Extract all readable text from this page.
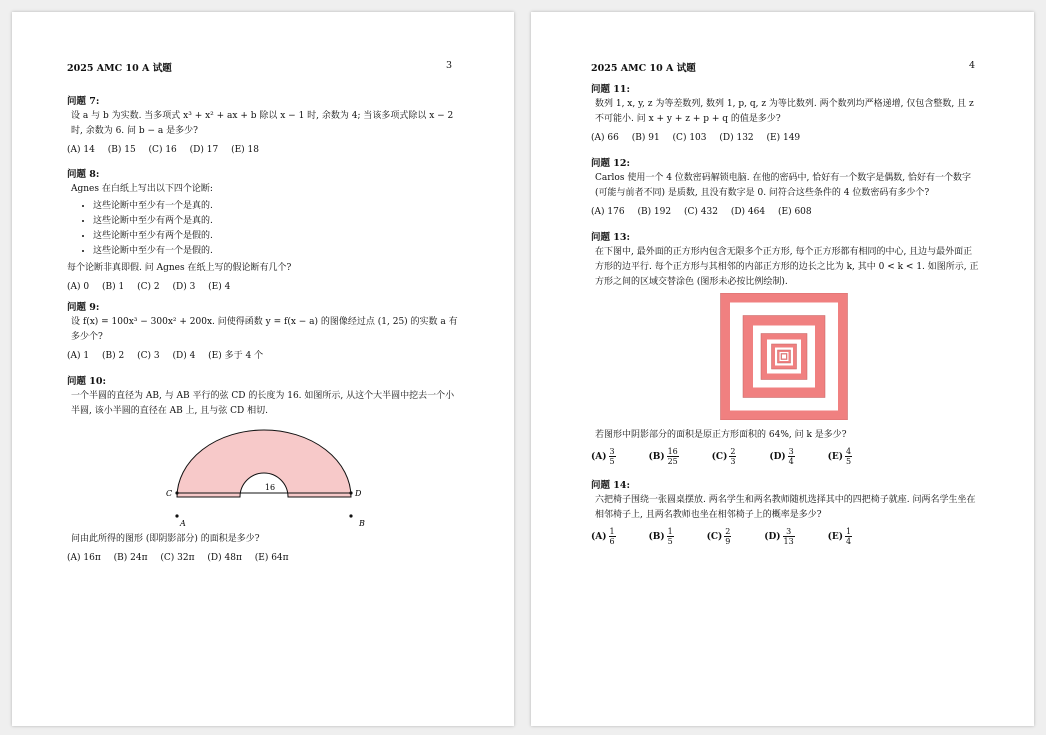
2025 AMC 10 A 试题	3
问题 7:

设 a 与 b 为实数. 当多项式 x³ + x² + ax + b 除以 x − 1 时, 余数为 4; 当该多项式除以 x − 2 时, 余数为 6. 问 b − a 是多少?

(A) 14 (B) 15 (C) 16 (D) 17 (E) 18
问题 8:

Agnes 在白纸上写出以下四个论断:

• 这些论断中至少有一个是真的.
• 这些论断中至少有两个是真的.
• 这些论断中至少有两个是假的.
• 这些论断中至少有一个是假的.

每个论断非真即假. 问 Agnes 在纸上写的假论断有几个?

(A) 0 (B) 1 (C) 2 (D) 3 (E) 4
问题 9:

设 f(x) = 100x³ − 300x² + 200x. 问使得函数 y = f(x − a) 的图像经过点 (1, 25) 的实数 a 有多少个?

(A) 1 (B) 2 (C) 3 (D) 4 (E) 多于 4 个
问题 10:

一个半圆的直径为 AB, 与 AB 平行的弦 CD 的长度为 16. 如图所示, 从这个大半圆中挖去一个小半圆, 该小半圆的直径在 AB 上, 且与弦 CD 相切.

16
A	B
C	D

问由此所得的图形 (即阴影部分) 的面积是多少?

(A) 16π (B) 24π (C) 32π (D) 48π (E) 64π
2025 AMC 10 A 试题	4
问题 11:

数列 1, x, y, z 为等差数列, 数列 1, p, q, z 为等比数列. 两个数列均严格递增, 仅包含整数, 且 z 不可能小. 问 x + y + z + p + q 的值是多少?

(A) 66 (B) 91 (C) 103 (D) 132 (E) 149
问题 12:

Carlos 使用一个 4 位数密码解锁电脑. 在他的密码中, 恰好有一个数字是偶数, 恰好有一个数字 (可能与前者不同) 是质数, 且没有数字是 0. 问符合这些条件的 4 位数密码有多少个?

(A) 176 (B) 192 (C) 432 (D) 464 (E) 608
问题 13:

在下图中, 最外面的正方形内包含无限多个正方形, 每个正方形都有相同的中心, 且边与最外面正方形的边平行. 每个正方形与其相邻的内部正方形的边长之比为 k, 其中 0 < k < 1. 如图所示, 正方形之间的区域交替涂色 (图形未必按比例绘制).

若图形中阴影部分的面积是原正方形面积的 64%, 问 k 是多少?

$(A) \frac{3}{5}$	$(B) \frac{16}{25}$	$(C) \frac{2}{3}$	$(D) \frac{3}{4}$	$(E) \frac{4}{5}$
问题 14:

六把椅子围绕一张圆桌摆放. 两名学生和两名教师随机选择其中的四把椅子就座. 问两名学生坐在相邻椅子上, 且两名教师也坐在相邻椅子上的概率是多少?

$(A) \frac{1}{6}$	$(B) \frac{1}{5}$	$(C) \frac{2}{9}$	$(D) \frac{3}{13}$	$(E) \frac{1}{4}$
